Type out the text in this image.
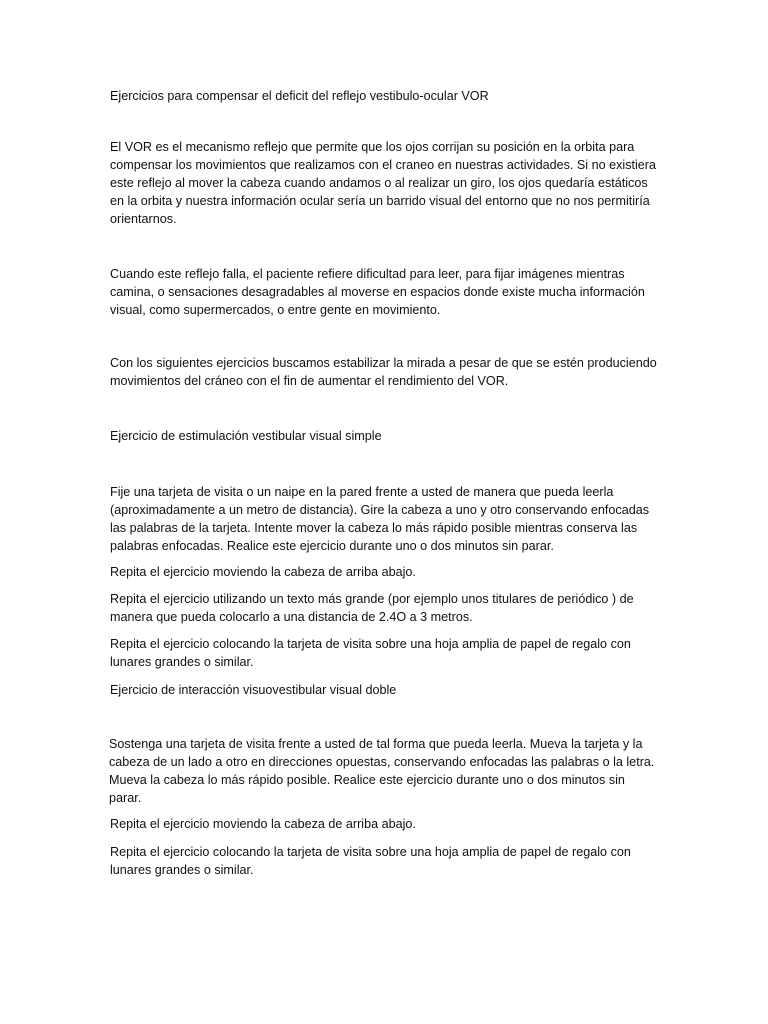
Ejercicios para compensar el deficit del reflejo vestibulo-ocular VOR

El VOR es el mecanismo reflejo que permite que los ojos corrijan su posición en la orbita para compensar los movimientos que realizamos con el craneo en nuestras actividades. Si no existiera este reflejo al mover la cabeza cuando andamos o al realizar un giro, los ojos quedaría estáticos en la orbita y nuestra información ocular sería un barrido visual del entorno que no nos permitiría orientarnos.

Cuando este reflejo falla, el paciente refiere dificultad para leer, para fijar imágenes mientras camina, o sensaciones desagradables al moverse en espacios donde existe mucha información visual, como supermercados, o entre gente en movimiento.

Con los siguientes ejercicios buscamos estabilizar la mirada a pesar de que se estén produciendo movimientos del cráneo con el fin de aumentar el rendimiento del VOR.

Ejercicio de estimulación vestibular visual simple

Fije una tarjeta de visita o un naipe en la pared frente a usted de manera que pueda leerla (aproximadamente a un metro de distancia). Gire la cabeza a uno y otro conservando enfocadas las palabras de la tarjeta. Intente mover la cabeza lo más rápido posible mientras conserva las palabras enfocadas. Realice este ejercicio durante uno o dos minutos sin parar.

Repita el ejercicio moviendo la cabeza de arriba abajo.

Repita el ejercicio utilizando un texto más grande (por ejemplo unos titulares de periódico ) de manera que pueda colocarlo a una distancia de 2.4O a 3 metros.

Repita el ejercicio colocando la tarjeta de visita sobre una hoja amplia de papel de regalo con lunares grandes o similar.

Ejercicio de interacción visuovestibular visual doble

Sostenga una tarjeta de visita frente a usted de tal forma que pueda leerla. Mueva la tarjeta y la cabeza de un lado a otro en direcciones opuestas, conservando enfocadas las palabras o la letra. Mueva la cabeza lo más rápido posible. Realice este ejercicio durante uno o dos minutos sin parar.

Repita el ejercicio moviendo la cabeza de arriba abajo.

Repita el ejercicio colocando la tarjeta de visita sobre una hoja amplia de papel de regalo con lunares grandes o similar.
